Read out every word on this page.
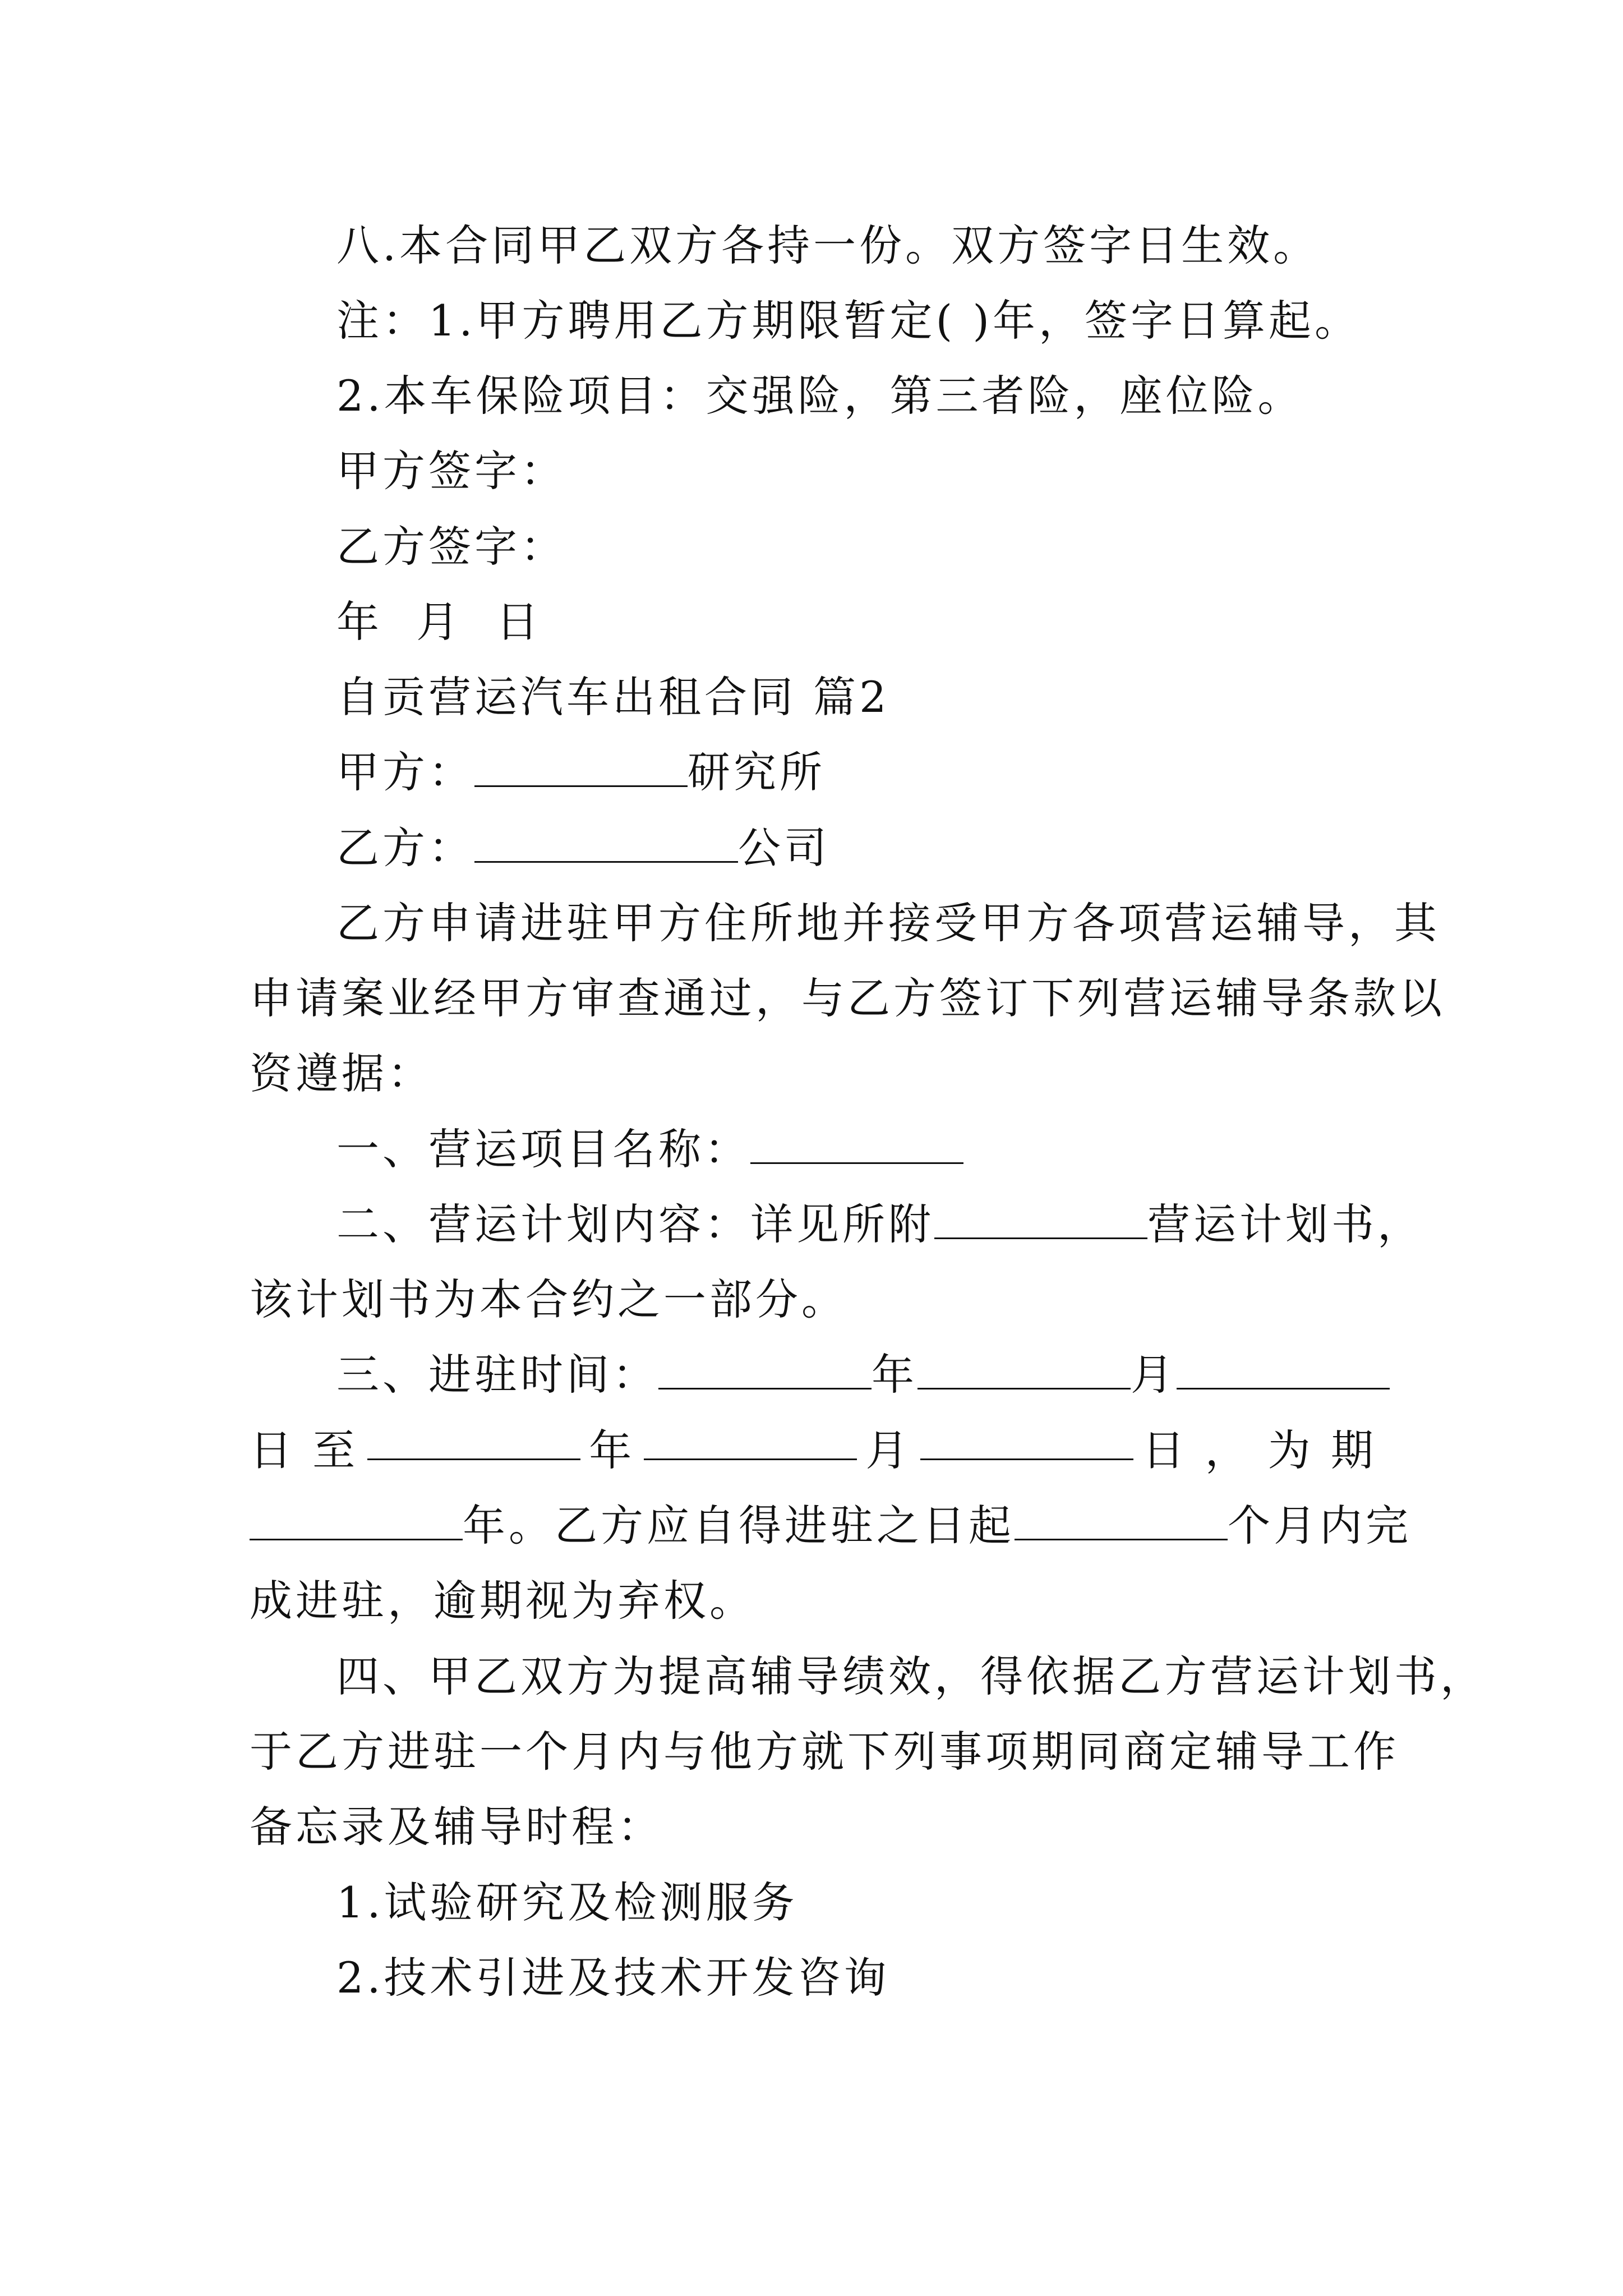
八.本合同甲乙双方各持一份。双方签字日生效。
注：1.甲方聘用乙方期限暂定( )年，签字日算起。
2.本车保险项目：交强险，第三者险，座位险。
甲方签字：
乙方签字：
年 月 日
自贡营运汽车出租合同 篇2
甲方：	研究所
乙方：	公司
乙方申请进驻甲方住所地并接受甲方各项营运辅导，其
申请案业经甲方审查通过，与乙方签订下列营运辅导条款以
资遵据：
一、营运项目名称：
二、营运计划内容：详见所附	营运计划书，
该计划书为本合约之一部分。
三、进驻时间：	年	月
日 至	年	月	日 ， 为 期
年。乙方应自得进驻之日起	个月内完
成进驻，逾期视为弃权。
四、甲乙双方为提高辅导绩效，得依据乙方营运计划书，
于乙方进驻一个月内与他方就下列事项期同商定辅导工作
备忘录及辅导时程：
1.试验研究及检测服务
2.技术引进及技术开发咨询
